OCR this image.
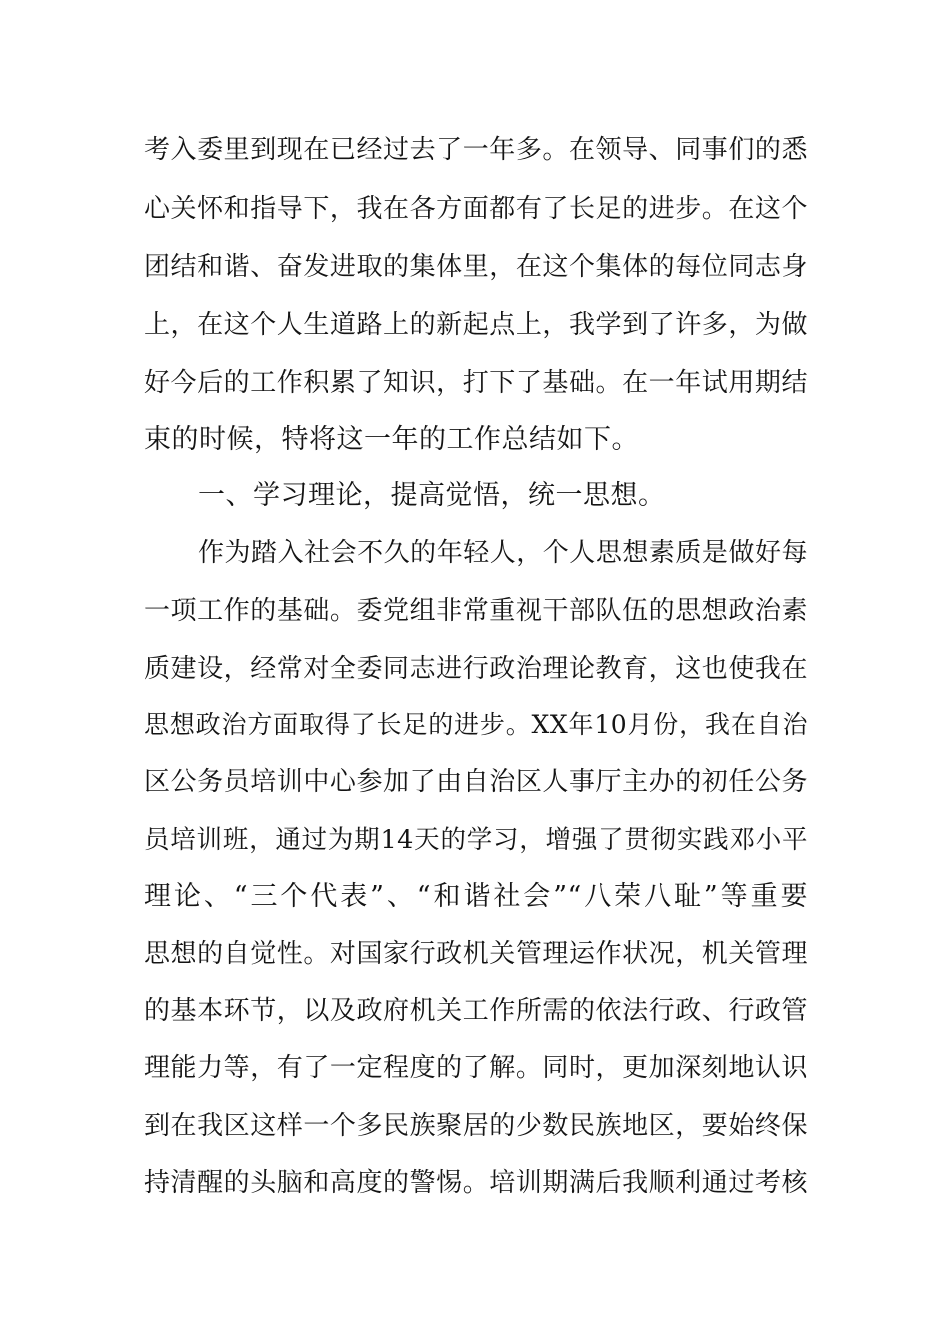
考入委里到现在已经过去了一年多。在领导、同事们的悉
心关怀和指导下，我在各方面都有了长足的进步。在这个
团结和谐、奋发进取的集体里，在这个集体的每位同志身
上，在这个人生道路上的新起点上，我学到了许多，为做
好今后的工作积累了知识，打下了基础。在一年试用期结
束的时候，特将这一年的工作总结如下。
一、学习理论，提高觉悟，统一思想。
作为踏入社会不久的年轻人，个人思想素质是做好每
一项工作的基础。委党组非常重视干部队伍的思想政治素
质建设，经常对全委同志进行政治理论教育，这也使我在
思想政治方面取得了长足的进步。XX年10月份，我在自治
区公务员培训中心参加了由自治区人事厅主办的初任公务
员培训班，通过为期14天的学习，增强了贯彻实践邓小平
理论、“三个代表”、“和谐社会”“八荣八耻”等重要
思想的自觉性。对国家行政机关管理运作状况，机关管理
的基本环节，以及政府机关工作所需的依法行政、行政管
理能力等，有了一定程度的了解。同时，更加深刻地认识
到在我区这样一个多民族聚居的少数民族地区，要始终保
持清醒的头脑和高度的警惕。培训期满后我顺利通过考核
